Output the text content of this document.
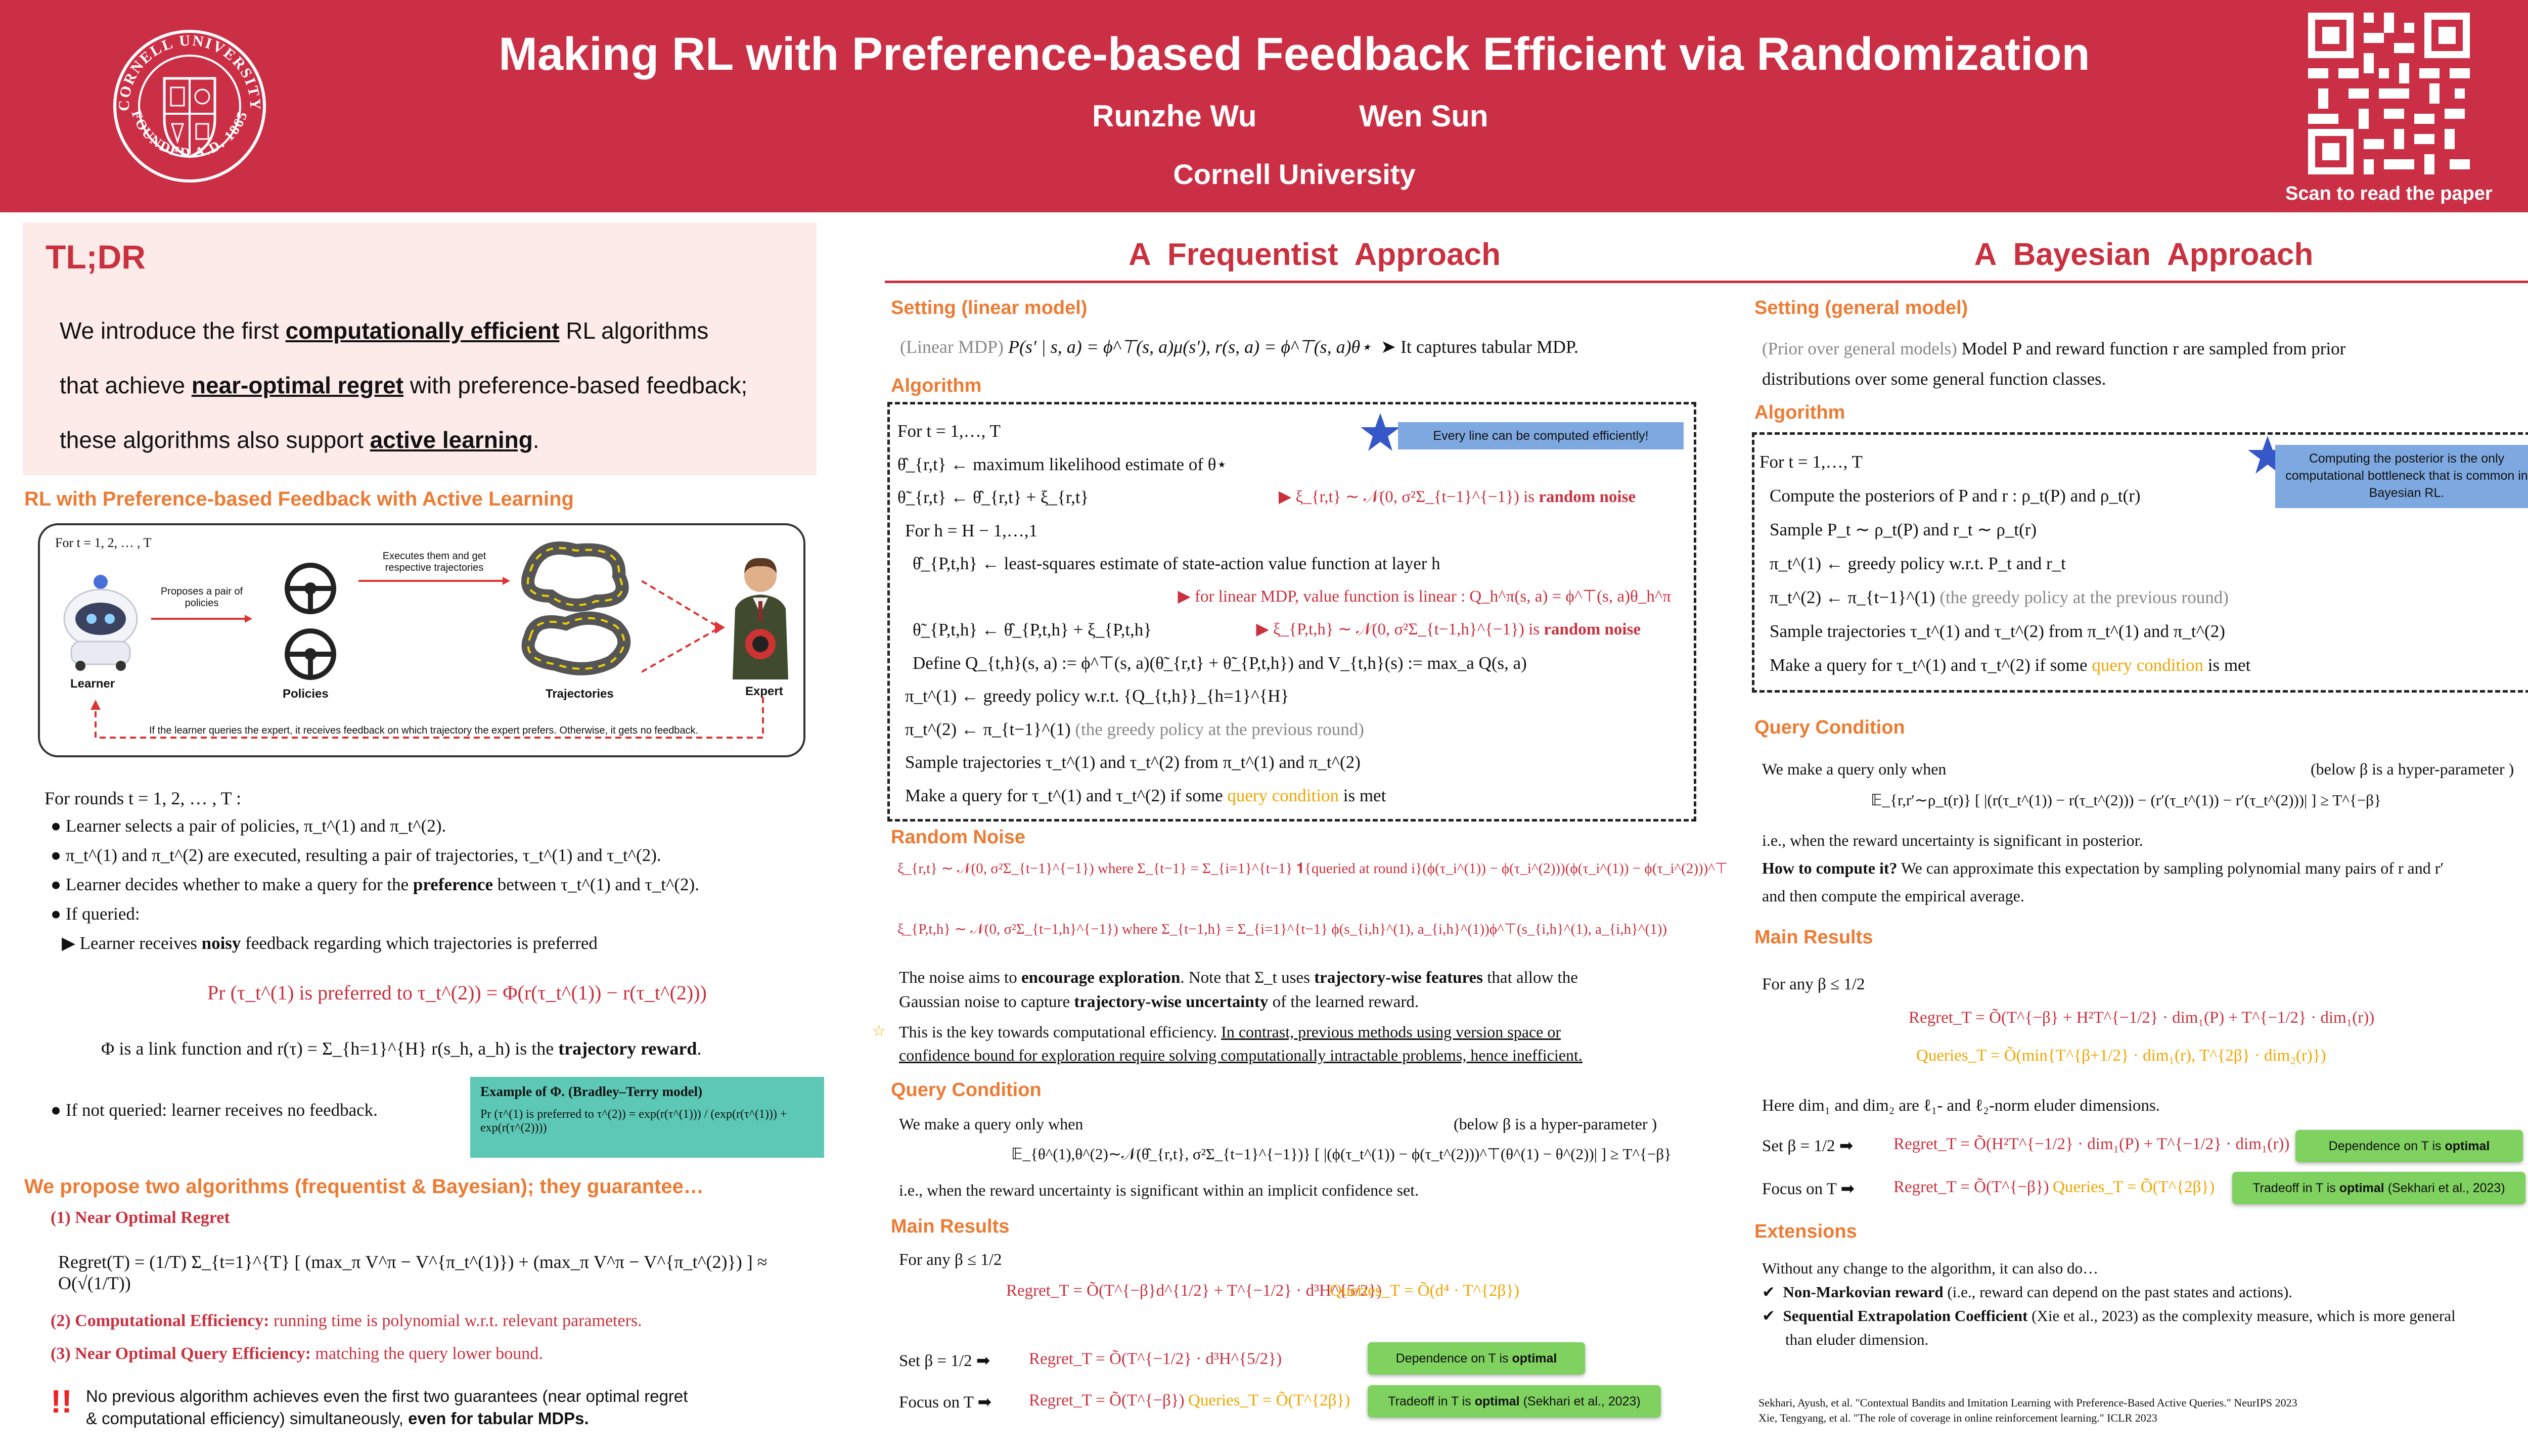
CORNELL UNIVERSITY
FOUNDED A.D. 1865
Making RL with Preference-based Feedback Efficient via Randomization
Runzhe Wu	Wen Sun
Cornell University
Scan to read the paper
TL;DR
We introduce the first computationally efficient RL algorithms
that achieve near-optimal regret with preference-based feedback;
these algorithms also support active learning.
RL with Preference-based Feedback with Active Learning
For t = 1, 2, … , T
Learner
Proposes a pair of policies
Policies
Executes them and get respective trajectories
Trajectories	Expert
If the learner queries the expert, it receives feedback on which trajectory the expert prefers. Otherwise, it gets no feedback.
For rounds t = 1, 2, … , T :
● Learner selects a pair of policies, π_t^(1) and π_t^(2).
● π_t^(1) and π_t^(2) are executed, resulting a pair of trajectories, τ_t^(1) and τ_t^(2).
● Learner decides whether to make a query for the preference between τ_t^(1) and τ_t^(2).
● If queried:
▶ Learner receives noisy feedback regarding which trajectories is preferred
Pr (τ_t^(1) is preferred to τ_t^(2)) = Φ(r(τ_t^(1)) − r(τ_t^(2)))
Φ is a link function and r(τ) = Σ_{h=1}^{H} r(s_h, a_h) is the trajectory reward.
● If not queried: learner receives no feedback.
Example of Φ. (Bradley–Terry model)
Pr (τ^(1) is preferred to τ^(2)) = exp(r(τ^(1))) / (exp(r(τ^(1))) + exp(r(τ^(2))))
We propose two algorithms (frequentist & Bayesian); they guarantee…
(1) Near Optimal Regret
Regret(T) = (1/T) Σ_{t=1}^{T} [ (max_π V^π − V^{π_t^(1)}) + (max_π V^π − V^{π_t^(2)}) ] ≈ O(√(1/T))
(2) Computational Efficiency: running time is polynomial w.r.t. relevant parameters.
(3) Near Optimal Query Efficiency: matching the query lower bound.
!! No previous algorithm achieves even the first two guarantees (near optimal regret
& computational efficiency) simultaneously, even for tabular MDPs.
A  Frequentist  Approach
Setting (linear model)
(Linear MDP) P(s′ | s, a) = ϕ^⊤(s, a)μ(s′), r(s, a) = ϕ^⊤(s, a)θ⋆ ➤ It captures tabular MDP.
Algorithm
Every line can be computed efficiently!
For t = 1,…, T
θ̂_{r,t} ← maximum likelihood estimate of θ⋆
θ̃_{r,t} ← θ̂_{r,t} + ξ_{r,t}	▶ ξ_{r,t} ∼ 𝒩(0, σ²Σ_{t−1}^{−1}) is random noise
For h = H − 1,…,1
θ̂_{P,t,h} ← least-squares estimate of state-action value function at layer h
▶ for linear MDP, value function is linear : Q_h^π(s, a) = ϕ^⊤(s, a)θ_h^π

θ̃_{P,t,h} ← θ̂_{P,t,h} + ξ_{P,t,h}	▶ ξ_{P,t,h} ∼ 𝒩(0, σ²Σ_{t−1,h}^{−1}) is random noise
Define Q_{t,h}(s, a) := ϕ^⊤(s, a)(θ̃_{r,t} + θ̃_{P,t,h}) and V_{t,h}(s) := max_a Q(s, a)
π_t^(1) ← greedy policy w.r.t. {Q_{t,h}}_{h=1}^{H}
π_t^(2) ← π_{t−1}^(1) (the greedy policy at the previous round)
Sample trajectories τ_t^(1) and τ_t^(2) from π_t^(1) and π_t^(2)
Make a query for τ_t^(1) and τ_t^(2) if some query condition is met
Random Noise
ξ_{r,t} ∼ 𝒩(0, σ²Σ_{t−1}^{−1}) where Σ_{t−1} = Σ_{i=1}^{t−1} 𝟏{queried at round i}(ϕ(τ_i^(1)) − ϕ(τ_i^(2)))(ϕ(τ_i^(1)) − ϕ(τ_i^(2)))^⊤
ξ_{P,t,h} ∼ 𝒩(0, σ²Σ_{t−1,h}^{−1}) where Σ_{t−1,h} = Σ_{i=1}^{t−1} ϕ(s_{i,h}^(1), a_{i,h}^(1))ϕ^⊤(s_{i,h}^(1), a_{i,h}^(1))
The noise aims to encourage exploration. Note that Σ_t uses trajectory-wise features that allow the
Gaussian noise to capture trajectory-wise uncertainty of the learned reward.
☆ This is the key towards computational efficiency. In contrast, previous methods using version space or
confidence bound for exploration require solving computationally intractable problems, hence inefficient.
Query Condition
We make a query only when	(below β is a hyper-parameter )
𝔼_{θ^(1),θ^(2)∼𝒩(θ̂_{r,t}, σ²Σ_{t−1}^{−1})} [ |(ϕ(τ_t^(1)) − ϕ(τ_t^(2)))^⊤(θ^(1) − θ^(2))| ] ≥ T^{−β}
i.e., when the reward uncertainty is significant within an implicit confidence set.
Main Results
For any β ≤ 1/2
Regret_T = Õ(T^{−β}d^{1/2} + T^{−1/2} · d³H^{5/2})
Queries_T = Õ(d⁴ · T^{2β})
Set β = 1/2 ➡ Regret_T = Õ(T^{−1/2} · d³H^{5/2})	Dependence on T is optimal
Focus on T ➡ Regret_T = Õ(T^{−β}) Queries_T = Õ(T^{2β})	Tradeoff in T is optimal (Sekhari et al., 2023)
A  Bayesian  Approach
Setting (general model)
(Prior over general models) Model P and reward function r are sampled from prior
distributions over some general function classes.
Algorithm
Computing the posterior is the only computational bottleneck that is common in Bayesian RL.
For t = 1,…, T
Compute the posteriors of P and r : ρ_t(P) and ρ_t(r)
Sample P_t ∼ ρ_t(P) and r_t ∼ ρ_t(r)
π_t^(1) ← greedy policy w.r.t. P_t and r_t
π_t^(2) ← π_{t−1}^(1) (the greedy policy at the previous round)
Sample trajectories τ_t^(1) and τ_t^(2) from π_t^(1) and π_t^(2)
Make a query for τ_t^(1) and τ_t^(2) if some query condition is met
Query Condition
We make a query only when	(below β is a hyper-parameter )
𝔼_{r,r′∼ρ_t(r)} [ |(r(τ_t^(1)) − r(τ_t^(2))) − (r′(τ_t^(1)) − r′(τ_t^(2)))| ] ≥ T^{−β}
i.e., when the reward uncertainty is significant in posterior.
How to compute it? We can approximate this expectation by sampling polynomial many pairs of r and r′
and then compute the empirical average.
Main Results
For any β ≤ 1/2
Regret_T = Õ(T^{−β} + H²T^{−1/2} · dim₁(P) + T^{−1/2} · dim₁(r))
Queries_T = Õ(min{T^{β+1/2} · dim₁(r), T^{2β} · dim₂(r)})
Here dim₁ and dim₂ are ℓ₁- and ℓ₂-norm eluder dimensions.
Set β = 1/2 ➡ Regret_T = Õ(H²T^{−1/2} · dim₁(P) + T^{−1/2} · dim₁(r))	Dependence on T is optimal
Focus on T ➡ Regret_T = Õ(T^{−β}) Queries_T = Õ(T^{2β})	Tradeoff in T is optimal (Sekhari et al., 2023)
Extensions
Without any change to the algorithm, it can also do…
✔  Non-Markovian reward (i.e., reward can depend on the past states and actions).
✔  Sequential Extrapolation Coefficient (Xie et al., 2023) as the complexity measure, which is more general
than eluder dimension.
Sekhari, Ayush, et al. "Contextual Bandits and Imitation Learning with Preference-Based Active Queries." NeurIPS 2023
Xie, Tengyang, et al. "The role of coverage in online reinforcement learning." ICLR 2023
